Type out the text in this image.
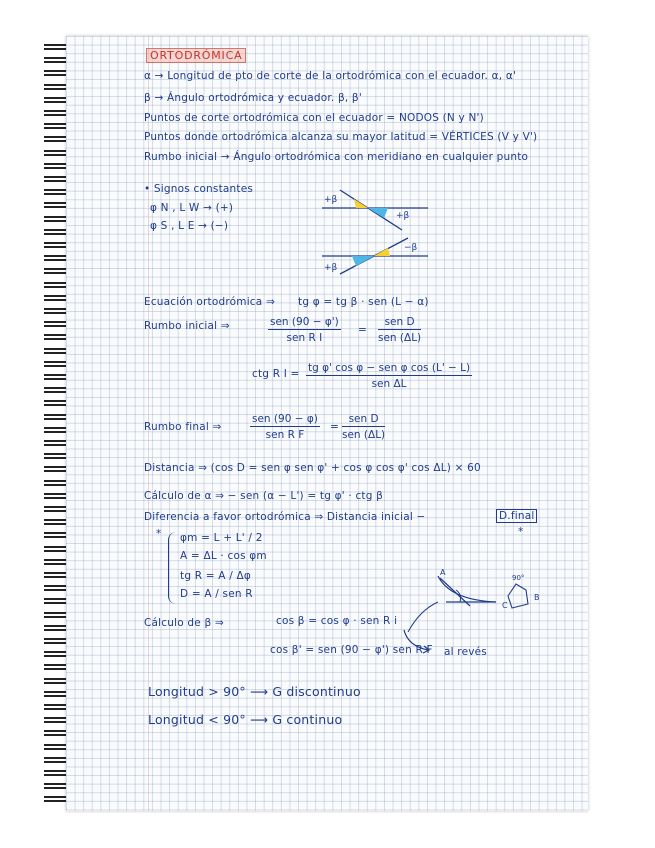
ORTODRÓMICA
α → Longitud de pto de corte de la ortodrómica con el ecuador. α, α'
β → Ángulo ortodrómica y ecuador. β, β'
Puntos de corte ortodrómica con el ecuador = NODOS (N y N')
Puntos donde ortodrómica alcanza su mayor latitud = VÉRTICES (V y V')
Rumbo inicial → Ángulo ortodrómica con meridiano en cualquier punto
• Signos constantes
φ N , L W → (+)
φ S , L E → (−)
+β
+β
−β
+β
Ecuación ortodrómica ⇒ tg φ = tg β · sen (L − α)
Rumbo inicial ⇒	sen (90 − φ')
sen R I
=
sen D
sen (ΔL)
ctg R I = tg φ' cos φ − sen φ cos (L' − L)
sen ΔL
Rumbo final ⇒
sen (90 − φ)
sen R F
=
sen D
sen (ΔL)
Distancia ⇒ (cos D = sen φ sen φ' + cos φ cos φ' cos ΔL) × 60
Cálculo de α ⇒ − sen (α − L') = tg φ' · ctg β
Diferencia a favor ortodrómica ⇒ Distancia inicial −	D.final
*
* φm = L + L' / 2
A = ΔL · cos φm
tg R = A / Δφ
D = A / sen R
A
90°
B
C
Cálculo de β ⇒	cos β = cos φ · sen R i
cos β' = sen (90 − φ') sen R F al revés
Longitud > 90° ⟶ G discontinuo
Longitud < 90° ⟶ G continuo
